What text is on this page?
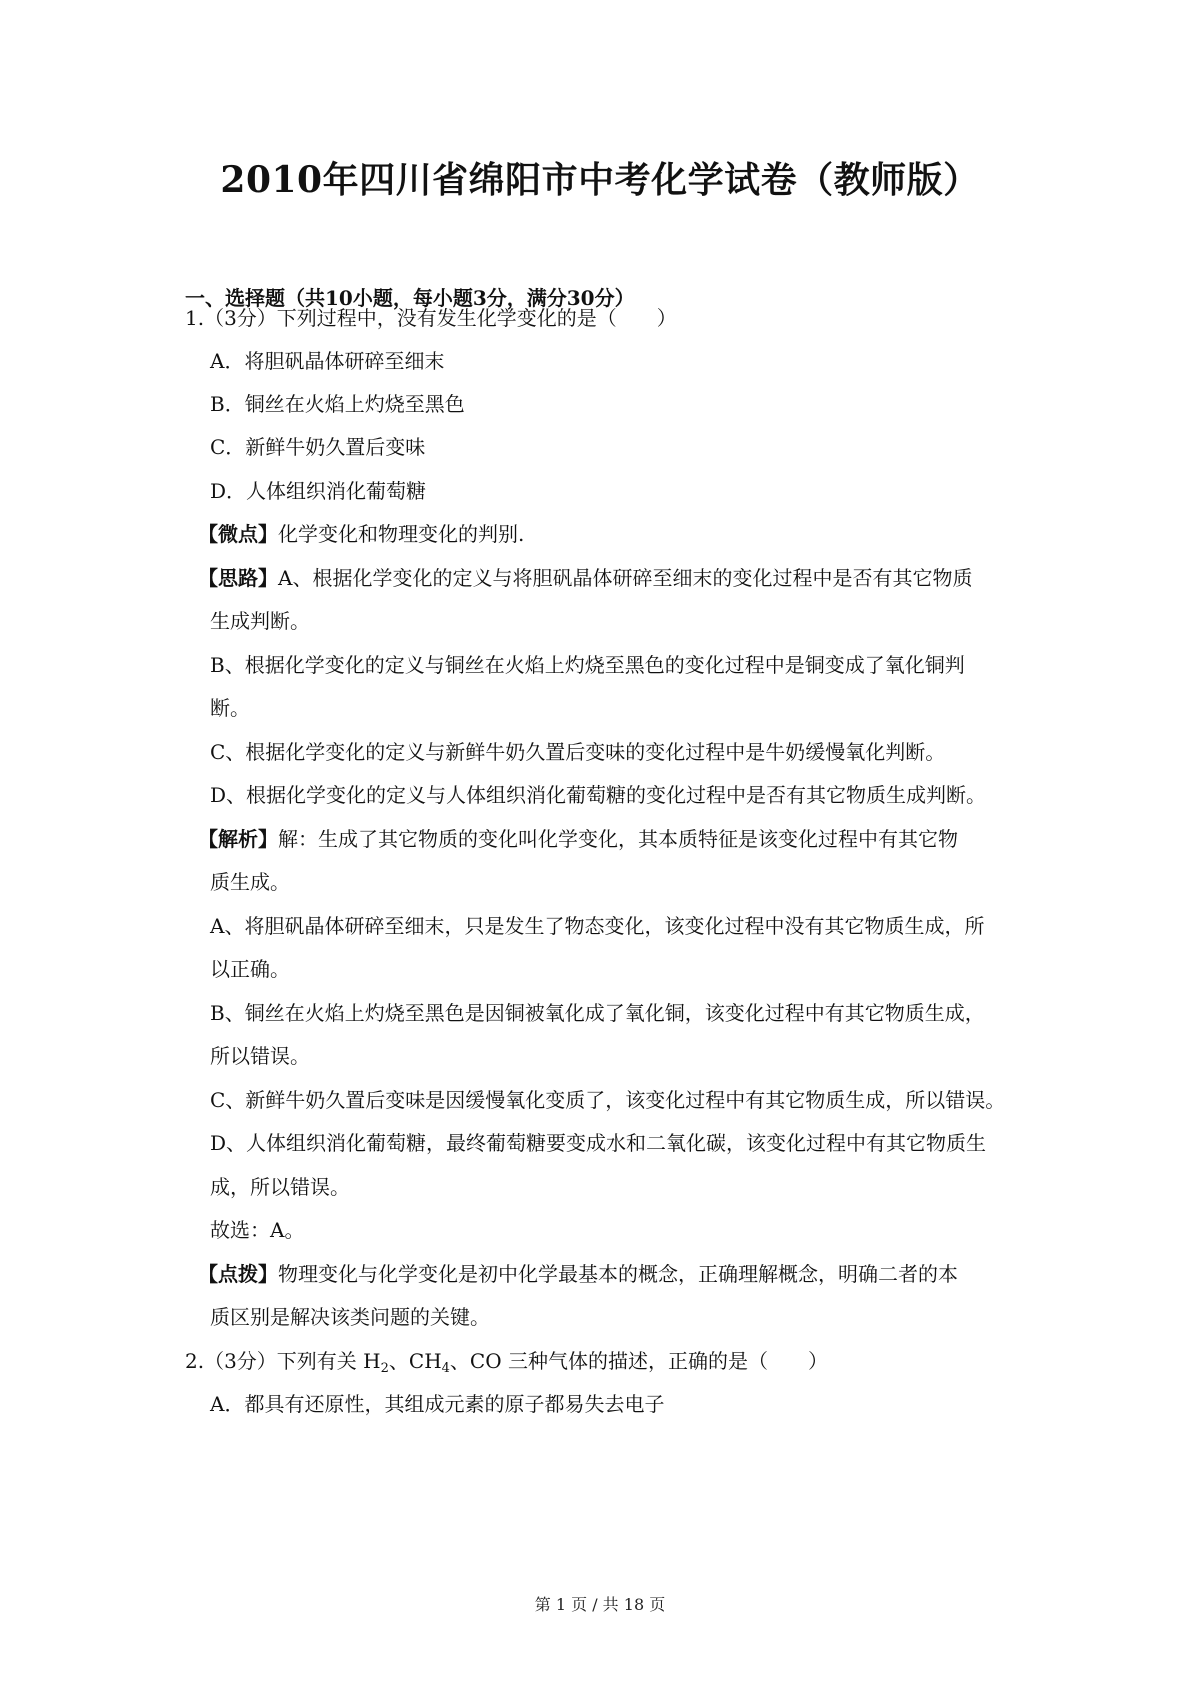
2010年四川省绵阳市中考化学试卷（教师版）
一、选择题（共10小题，每小题3分，满分30分）
1.（3分）下列过程中，没有发生化学变化的是（　　）
A．将胆矾晶体研碎至细末
B．铜丝在火焰上灼烧至黑色
C．新鲜牛奶久置后变味
D．人体组织消化葡萄糖
【微点】化学变化和物理变化的判别.
【思路】A、根据化学变化的定义与将胆矾晶体研碎至细末的变化过程中是否有其它物质
生成判断。
B、根据化学变化的定义与铜丝在火焰上灼烧至黑色的变化过程中是铜变成了氧化铜判
断。
C、根据化学变化的定义与新鲜牛奶久置后变味的变化过程中是牛奶缓慢氧化判断。
D、根据化学变化的定义与人体组织消化葡萄糖的变化过程中是否有其它物质生成判断。
【解析】解：生成了其它物质的变化叫化学变化，其本质特征是该变化过程中有其它物
质生成。
A、将胆矾晶体研碎至细末，只是发生了物态变化，该变化过程中没有其它物质生成，所
以正确。
B、铜丝在火焰上灼烧至黑色是因铜被氧化成了氧化铜，该变化过程中有其它物质生成，
所以错误。
C、新鲜牛奶久置后变味是因缓慢氧化变质了，该变化过程中有其它物质生成，所以错误。
D、人体组织消化葡萄糖，最终葡萄糖要变成水和二氧化碳，该变化过程中有其它物质生
成，所以错误。
故选：A。
【点拨】物理变化与化学变化是初中化学最基本的概念，正确理解概念，明确二者的本
质区别是解决该类问题的关键。
2.（3分）下列有关 $H_2$、$CH_4$、CO 三种气体的描述，正确的是（　　）
A．都具有还原性，其组成元素的原子都易失去电子
第 1 页 / 共 18 页
